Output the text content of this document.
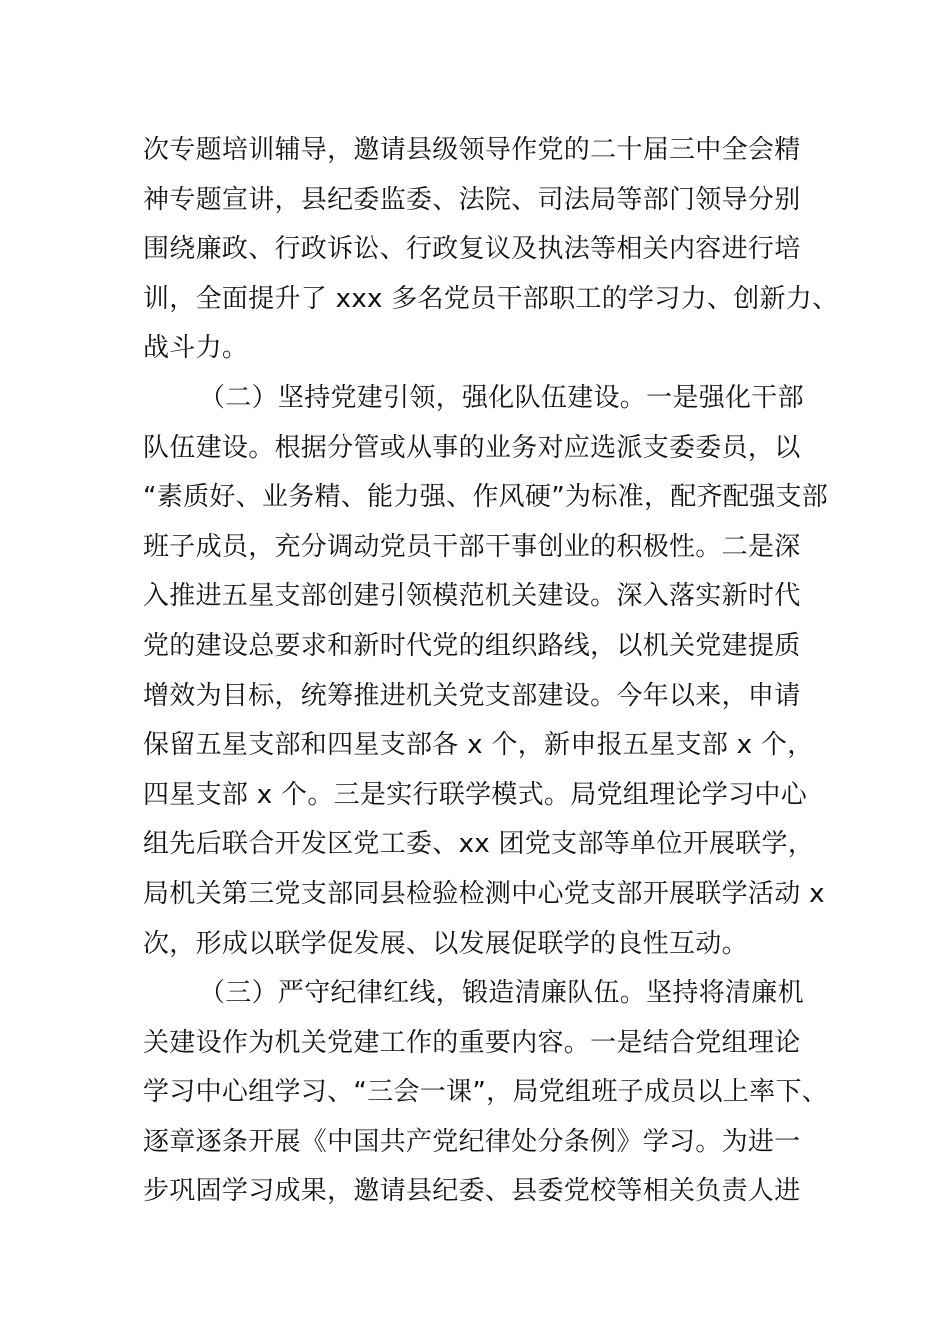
次专题培训辅导，邀请县级领导作党的二十届三中全会精
神专题宣讲，县纪委监委、法院、司法局等部门领导分别
围绕廉政、行政诉讼、行政复议及执法等相关内容进行培
训，全面提升了 xxx 多名党员干部职工的学习力、创新力、
战斗力。
（二）坚持党建引领，强化队伍建设。一是强化干部
队伍建设。根据分管或从事的业务对应选派支委委员，以
“素质好、业务精、能力强、作风硬”为标准，配齐配强支部
班子成员，充分调动党员干部干事创业的积极性。二是深
入推进五星支部创建引领模范机关建设。深入落实新时代
党的建设总要求和新时代党的组织路线，以机关党建提质
增效为目标，统筹推进机关党支部建设。今年以来，申请
保留五星支部和四星支部各 x 个，新申报五星支部 x 个，
四星支部 x 个。三是实行联学模式。局党组理论学习中心
组先后联合开发区党工委、xx 团党支部等单位开展联学，
局机关第三党支部同县检验检测中心党支部开展联学活动 x
次，形成以联学促发展、以发展促联学的良性互动。
（三）严守纪律红线，锻造清廉队伍。坚持将清廉机
关建设作为机关党建工作的重要内容。一是结合党组理论
学习中心组学习、“三会一课”，局党组班子成员以上率下、
逐章逐条开展《中国共产党纪律处分条例》学习。为进一
步巩固学习成果，邀请县纪委、县委党校等相关负责人进
